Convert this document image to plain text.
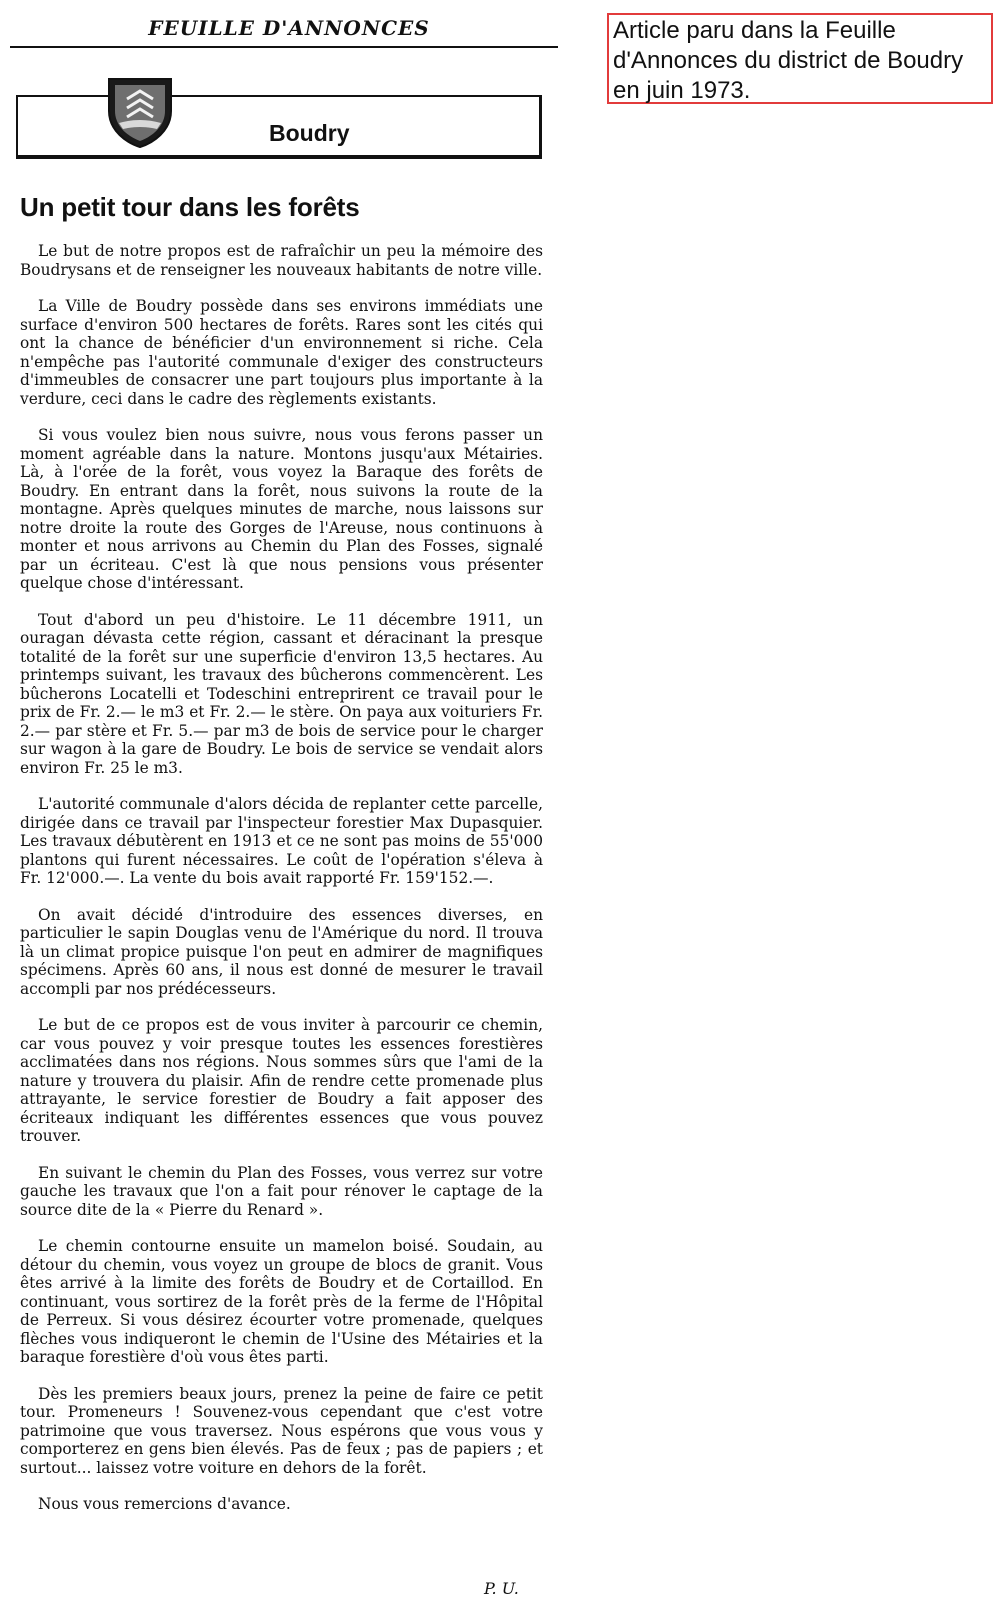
FEUILLE D'ANNONCES	Article paru dans la Feuille d'Annonces du district de Boudry en juin 1973.
Boudry
Un petit tour dans les forêts

Le but de notre propos est de rafraîchir un peu la mémoire des Boudrysans et de renseigner les nouveaux habitants de notre ville.

La Ville de Boudry possède dans ses environs immédiats une surface d'environ 500 hectares de forêts. Rares sont les cités qui ont la chance de bénéficier d'un environnement si riche. Cela n'empêche pas l'autorité communale d'exiger des constructeurs d'immeubles de consacrer une part toujours plus importante à la verdure, ceci dans le cadre des règlements existants.

Si vous voulez bien nous suivre, nous vous ferons passer un moment agréable dans la nature. Montons jusqu'aux Métairies. Là, à l'orée de la forêt, vous voyez la Baraque des forêts de Boudry. En entrant dans la forêt, nous suivons la route de la montagne. Après quelques minutes de marche, nous laissons sur notre droite la route des Gorges de l'Areuse, nous continuons à monter et nous arrivons au Chemin du Plan des Fosses, signalé par un écriteau. C'est là que nous pensions vous présenter quelque chose d'intéressant.

Tout d'abord un peu d'histoire. Le 11 décembre 1911, un ouragan dévasta cette région, cassant et déracinant la presque totalité de la forêt sur une superficie d'environ 13,5 hectares. Au printemps suivant, les travaux des bûcherons commencèrent. Les bûcherons Locatelli et Todeschini entreprirent ce travail pour le prix de Fr. 2.— le m3 et Fr. 2.— le stère. On paya aux voituriers Fr. 2.— par stère et Fr. 5.— par m3 de bois de service pour le charger sur wagon à la gare de Boudry. Le bois de service se vendait alors environ Fr. 25 le m3.

L'autorité communale d'alors décida de replanter cette parcelle, dirigée dans ce travail par l'inspecteur forestier Max Dupasquier. Les travaux débutèrent en 1913 et ce ne sont pas moins de 55'000 plantons qui furent nécessaires. Le coût de l'opération s'éleva à Fr. 12'000.—. La vente du bois avait rapporté Fr. 159'152.—.

On avait décidé d'introduire des essences diverses, en particulier le sapin Douglas venu de l'Amérique du nord. Il trouva là un climat propice puisque l'on peut en admirer de magnifiques spécimens. Après 60 ans, il nous est donné de mesurer le travail accompli par nos prédécesseurs.

Le but de ce propos est de vous inviter à parcourir ce chemin, car vous pouvez y voir presque toutes les essences forestières acclimatées dans nos régions. Nous sommes sûrs que l'ami de la nature y trouvera du plaisir. Afin de rendre cette promenade plus attrayante, le service forestier de Boudry a fait apposer des écriteaux indiquant les différentes essences que vous pouvez trouver.

En suivant le chemin du Plan des Fosses, vous verrez sur votre gauche les travaux que l'on a fait pour rénover le captage de la source dite de la « Pierre du Renard ».

Le chemin contourne ensuite un mamelon boisé. Soudain, au détour du chemin, vous voyez un groupe de blocs de granit. Vous êtes arrivé à la limite des forêts de Boudry et de Cortaillod. En continuant, vous sortirez de la forêt près de la ferme de l'Hôpital de Perreux. Si vous désirez écourter votre promenade, quelques flèches vous indiqueront le chemin de l'Usine des Métairies et la baraque forestière d'où vous êtes parti.

Dès les premiers beaux jours, prenez la peine de faire ce petit tour. Promeneurs ! Souvenez-vous cependant que c'est votre patrimoine que vous traversez. Nous espérons que vous vous y comporterez en gens bien élevés. Pas de feux ; pas de papiers ; et surtout... laissez votre voiture en dehors de la forêt.

Nous vous remercions d'avance.

P. U.
